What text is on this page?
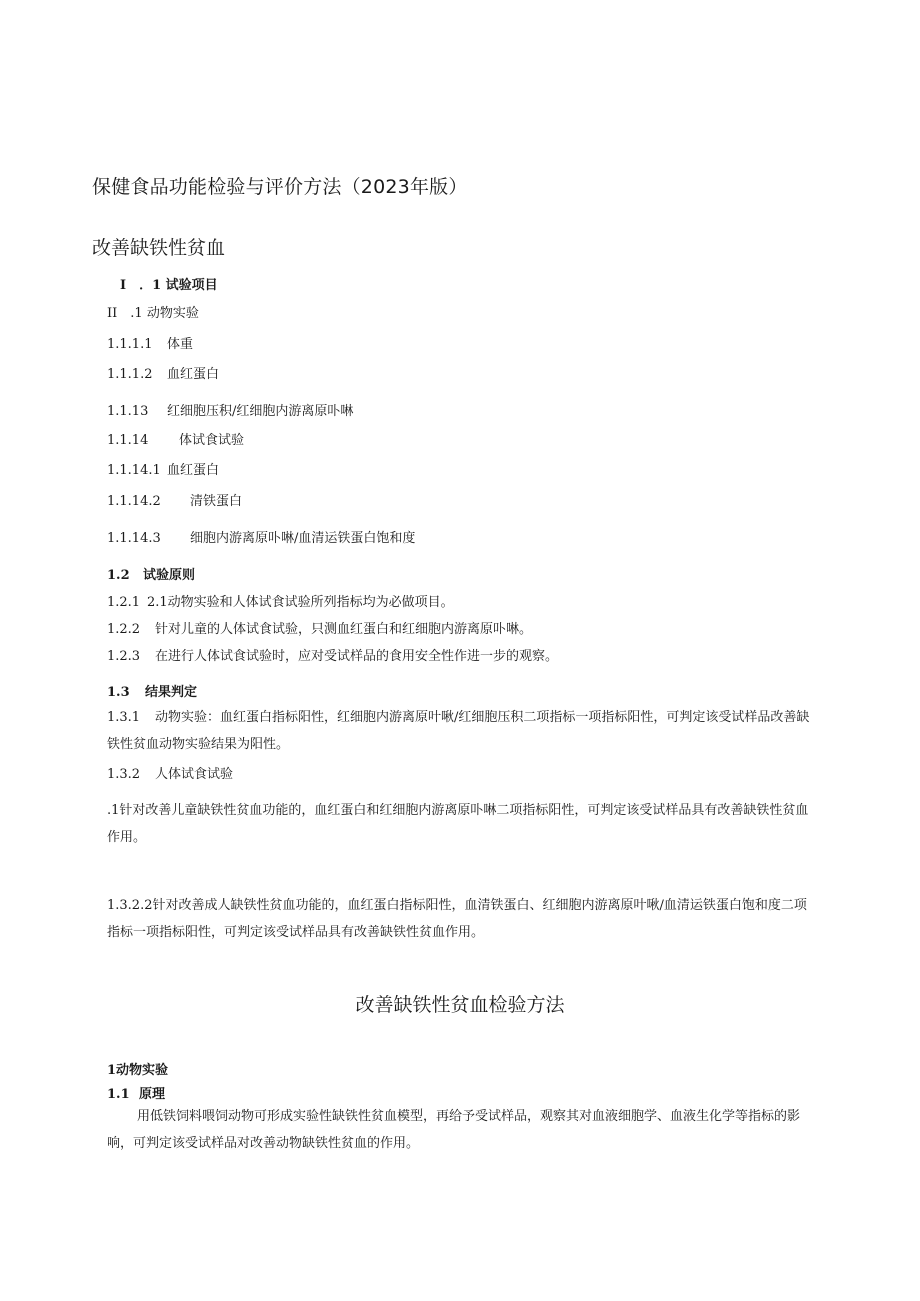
保健食品功能检验与评价方法（2023年版）
改善缺铁性贫血
I　．1 试验项目
II　.1 动物实验
1.1.1.1 体重
1.1.1.2 血红蛋白
1.1.13 红细胞压积/红细胞内游离原卟啉
1.1.14 体试食试验
1.1.14.1 血红蛋白
1.1.14.2 清铁蛋白
1.1.14.3 细胞内游离原卟啉/血清运铁蛋白饱和度
1.2 试验原则
1.2.1 2.1动物实验和人体试食试验所列指标均为必做项目。
1.2.2 针对儿童的人体试食试验，只测血红蛋白和红细胞内游离原卟啉。
1.2.3 在进行人体试食试验时，应对受试样品的食用安全性作进一步的观察。
1.3 结果判定
1.3.1 动物实验：血红蛋白指标阳性，红细胞内游离原叶啾/红细胞压积二项指标一项指标阳性，可判定该受试样品改善缺铁性贫血动物实验结果为阳性。
1.3.2 人体试食试验
.1针对改善儿童缺铁性贫血功能的，血红蛋白和红细胞内游离原卟啉二项指标阳性，可判定该受试样品具有改善缺铁性贫血作用。
1.3.2.2针对改善成人缺铁性贫血功能的，血红蛋白指标阳性，血清铁蛋白、红细胞内游离原叶啾/血清运铁蛋白饱和度二项指标一项指标阳性，可判定该受试样品具有改善缺铁性贫血作用。
改善缺铁性贫血检验方法
1动物实验
1.1 原理
用低铁饲料喂饲动物可形成实验性缺铁性贫血模型，再给予受试样品，观察其对血液细胞学、血液生化学等指标的影响，可判定该受试样品对改善动物缺铁性贫血的作用。
